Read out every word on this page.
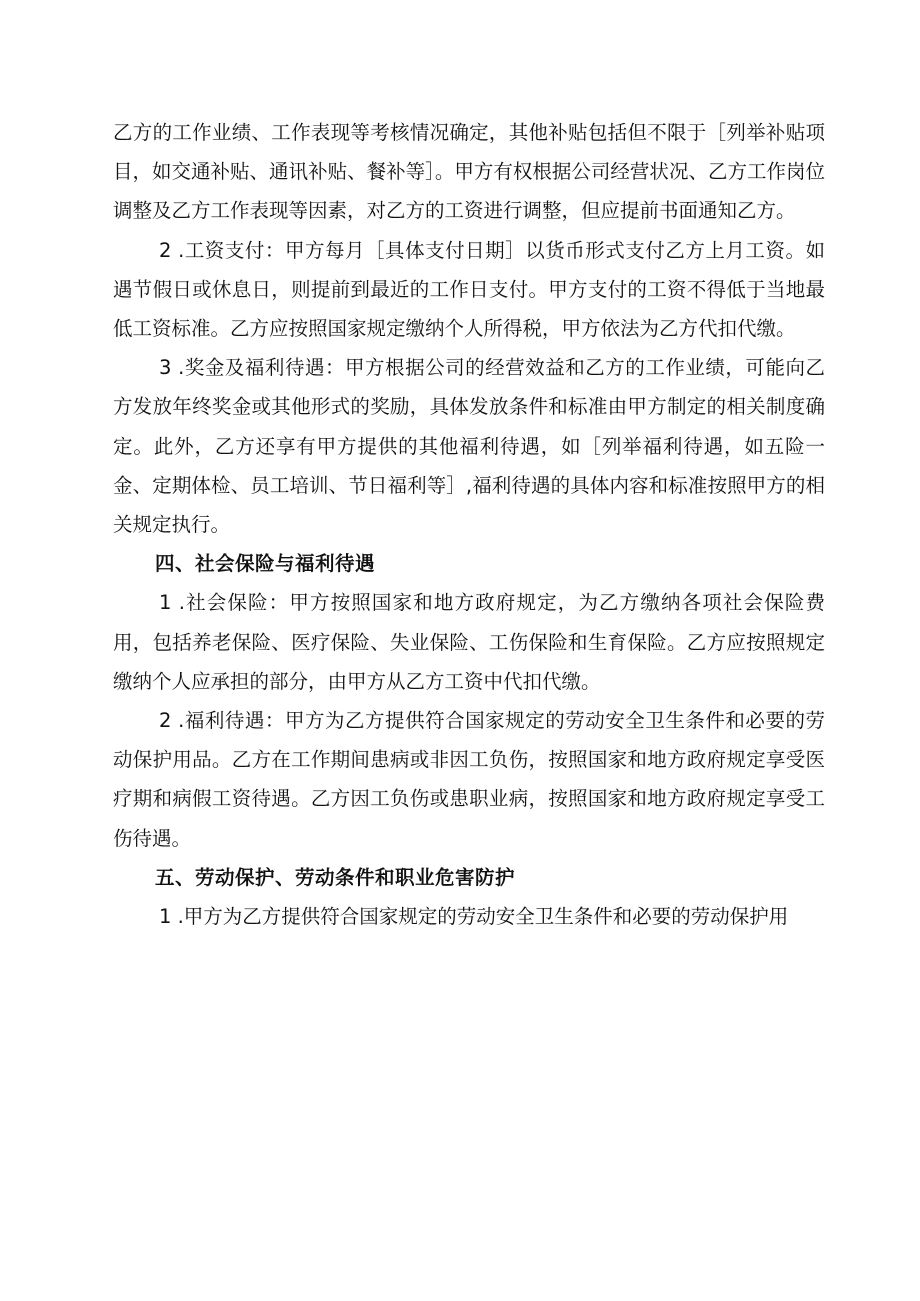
乙方的工作业绩、工作表现等考核情况确定，其他补贴包括但不限于［列举补贴项目，如交通补贴、通讯补贴、餐补等］。甲方有权根据公司经营状况、乙方工作岗位调整及乙方工作表现等因素，对乙方的工资进行调整，但应提前书面通知乙方。

2 .工资支付：甲方每月［具体支付日期］以货币形式支付乙方上月工资。如遇节假日或休息日，则提前到最近的工作日支付。甲方支付的工资不得低于当地最低工资标准。乙方应按照国家规定缴纳个人所得税，甲方依法为乙方代扣代缴。

3 .奖金及福利待遇：甲方根据公司的经营效益和乙方的工作业绩，可能向乙方发放年终奖金或其他形式的奖励，具体发放条件和标准由甲方制定的相关制度确定。此外，乙方还享有甲方提供的其他福利待遇，如［列举福利待遇，如五险一金、定期体检、员工培训、节日福利等］,福利待遇的具体内容和标准按照甲方的相关规定执行。

四、社会保险与福利待遇

1 .社会保险：甲方按照国家和地方政府规定，为乙方缴纳各项社会保险费用，包括养老保险、医疗保险、失业保险、工伤保险和生育保险。乙方应按照规定缴纳个人应承担的部分，由甲方从乙方工资中代扣代缴。

2 .福利待遇：甲方为乙方提供符合国家规定的劳动安全卫生条件和必要的劳动保护用品。乙方在工作期间患病或非因工负伤，按照国家和地方政府规定享受医疗期和病假工资待遇。乙方因工负伤或患职业病，按照国家和地方政府规定享受工伤待遇。

五、劳动保护、劳动条件和职业危害防护

1 .甲方为乙方提供符合国家规定的劳动安全卫生条件和必要的劳动保护用
